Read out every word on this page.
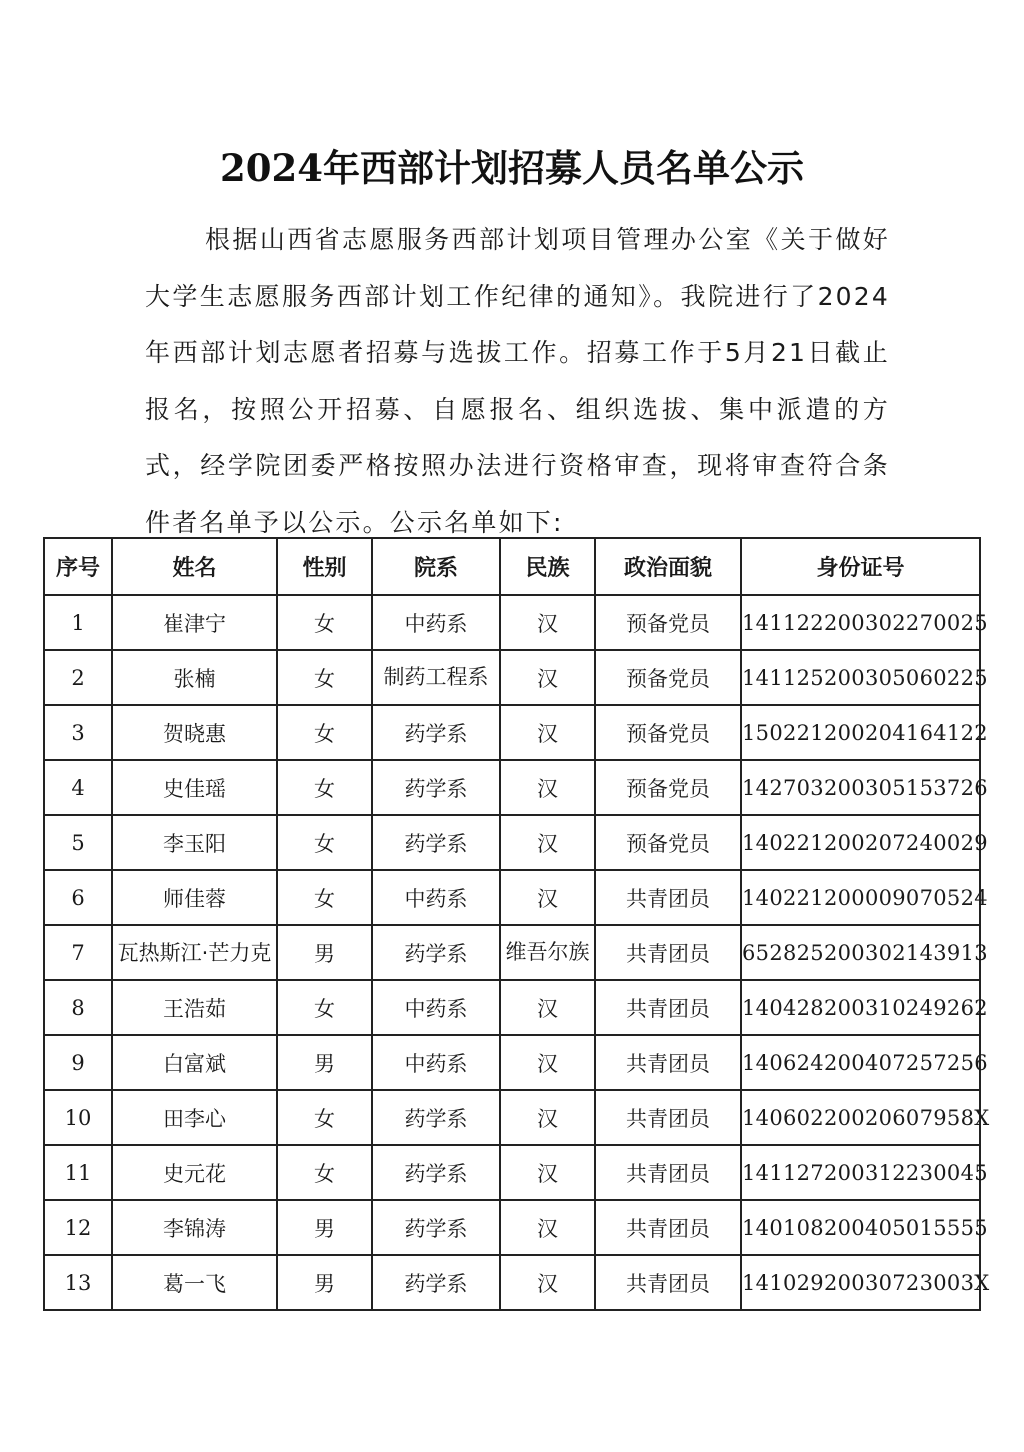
2024年西部计划招募人员名单公示
根据山西省志愿服务西部计划项目管理办公室《关于做好大学生志愿服务西部计划工作纪律的通知》。我院进行了2024年西部计划志愿者招募与选拔工作。招募工作于5月21日截止报名，按照公开招募、自愿报名、组织选拔、集中派遣的方式，经学院团委严格按照办法进行资格审查，现将审查符合条件者名单予以公示。公示名单如下:
序号	姓名	性别	院系	民族	政治面貌	身份证号
1	崔津宁	女	中药系	汉	预备党员	141122200302270025
2	张楠	女	制药工程系	汉	预备党员	141125200305060225
3	贺晓惠	女	药学系	汉	预备党员	150221200204164122
4	史佳瑶	女	药学系	汉	预备党员	142703200305153726
5	李玉阳	女	药学系	汉	预备党员	140221200207240029
6	师佳蓉	女	中药系	汉	共青团员	140221200009070524
7	瓦热斯江·芒力克	男	药学系	维吾尔族	共青团员	652825200302143913
8	王浩茹	女	中药系	汉	共青团员	140428200310249262
9	白富斌	男	中药系	汉	共青团员	140624200407257256
10	田李心	女	药学系	汉	共青团员	14060220020607958X
11	史元花	女	药学系	汉	共青团员	141127200312230045
12	李锦涛	男	药学系	汉	共青团员	140108200405015555
13	葛一飞	男	药学系	汉	共青团员	14102920030723003X
